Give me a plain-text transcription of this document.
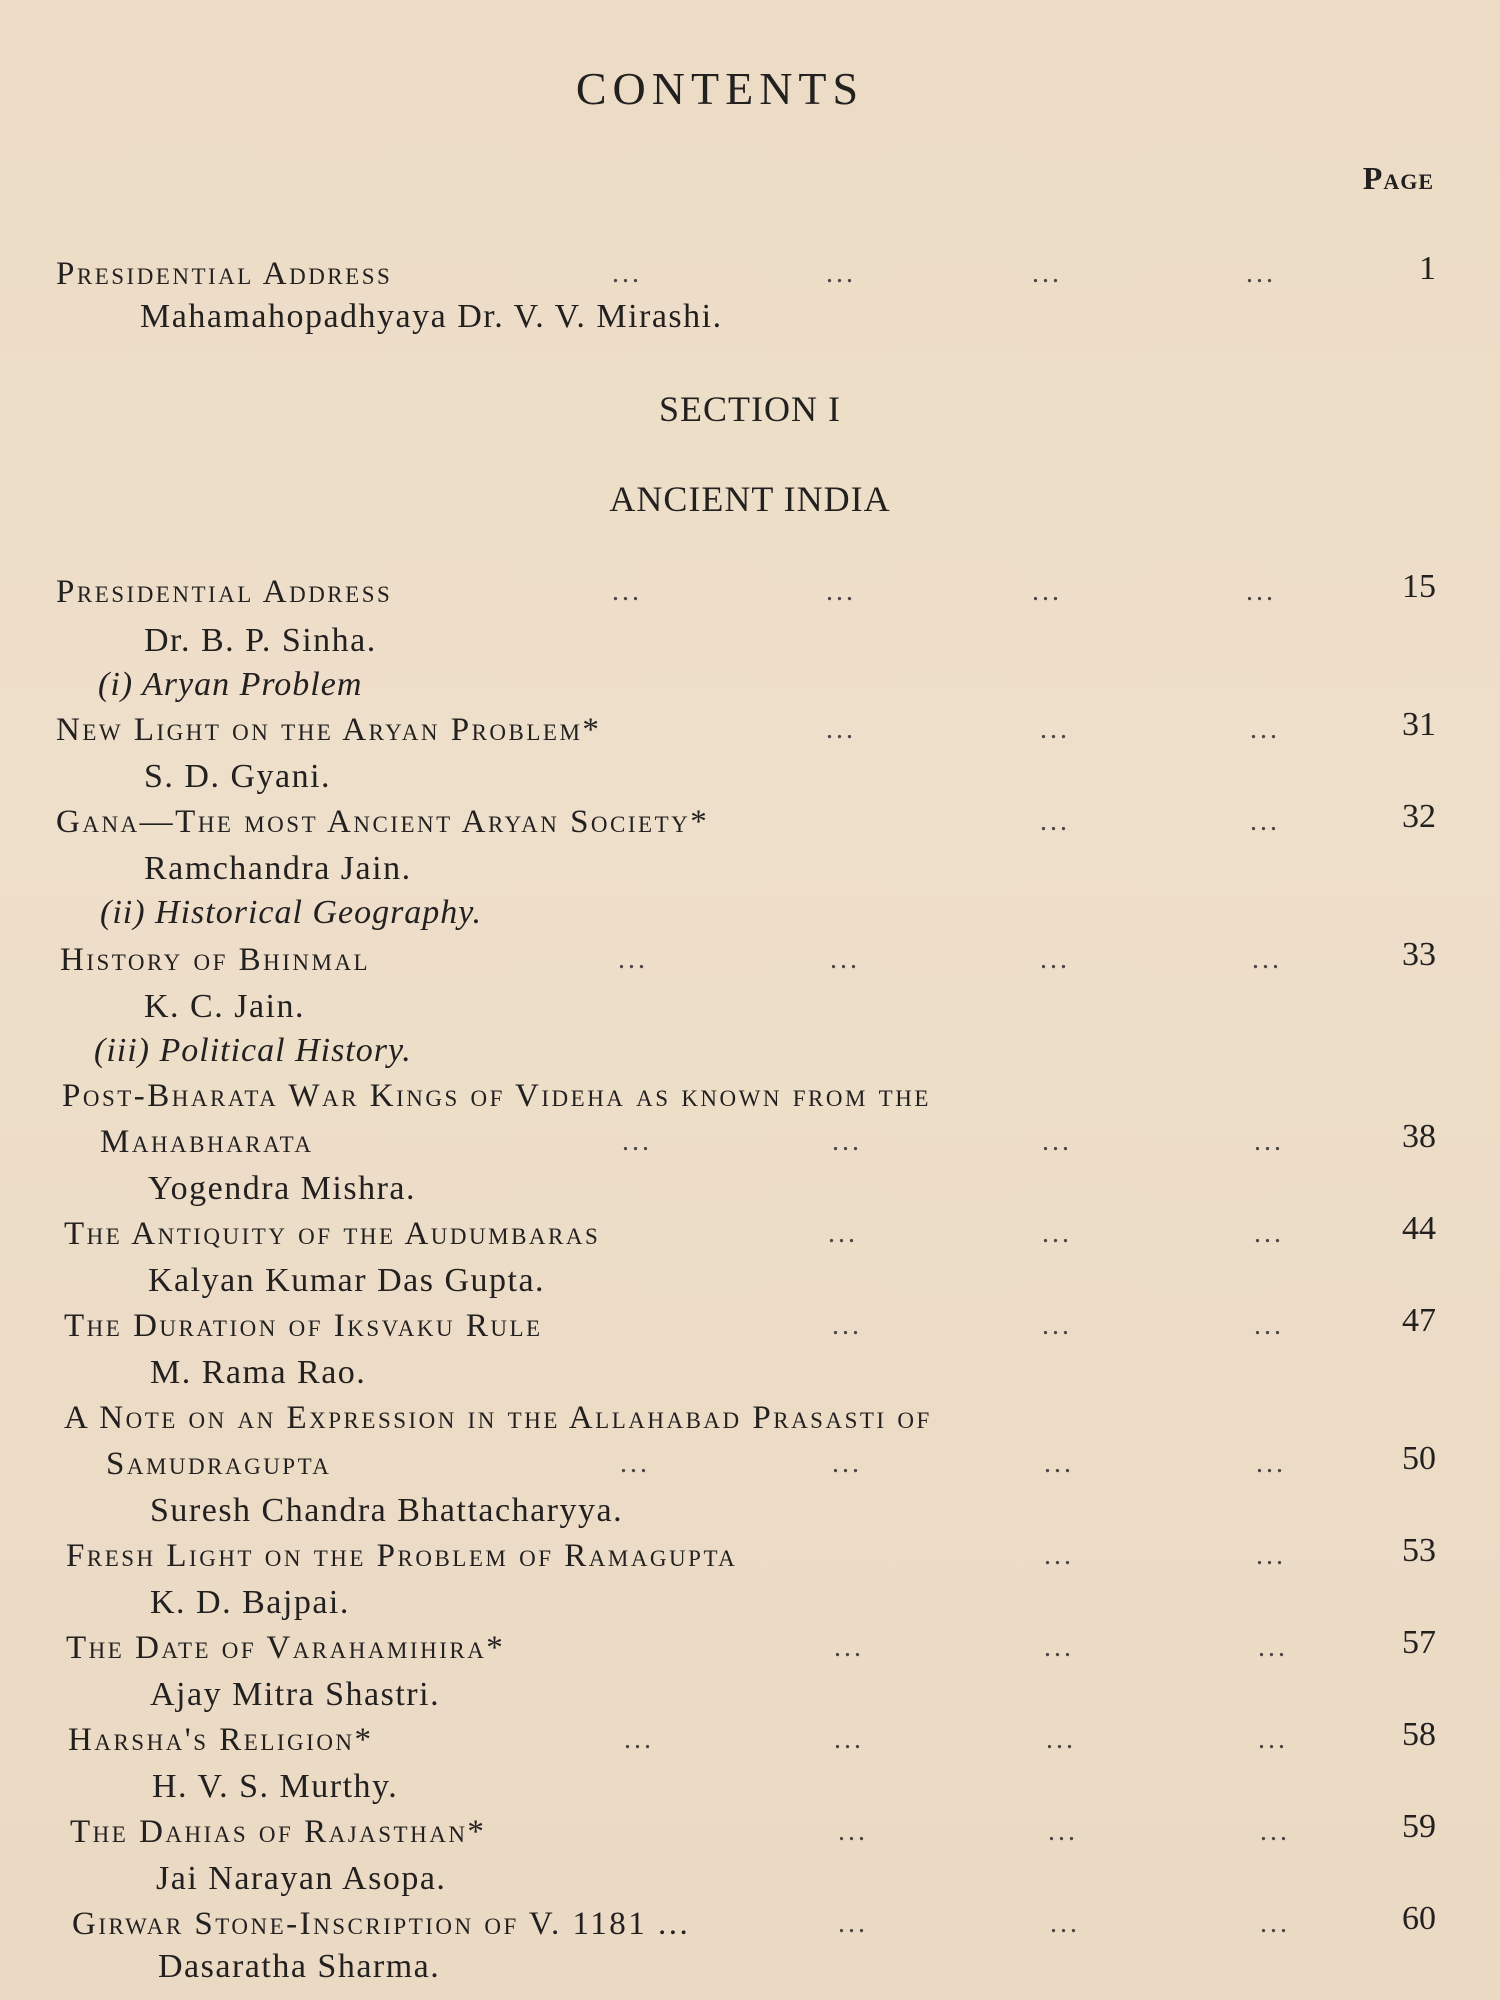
CONTENTS
Page
Presidential Address	...	...	...	...	1
Mahamahopadhyaya Dr. V. V. Mirashi.
SECTION I
ANCIENT INDIA
Presidential Address	...	...	...	...	15
Dr. B. P. Sinha.
(i) Aryan Problem
New Light on the Aryan Problem*	...	...	...	31
S. D. Gyani.
Gana—The most Ancient Aryan Society*	...	...	32
Ramchandra Jain.
(ii) Historical Geography.
History of Bhinmal	...	...	...	...	33
K. C. Jain.
(iii) Political History.
Post-Bharata War Kings of Videha as known from the
Mahabharata	...	...	...	...	38
Yogendra Mishra.
The Antiquity of the Audumbaras	...	...	...	44
Kalyan Kumar Das Gupta.
The Duration of Iksvaku Rule	...	...	...	47
M. Rama Rao.
A Note on an Expression in the Allahabad Prasasti of
Samudragupta	...	...	...	...	50
Suresh Chandra Bhattacharyya.
Fresh Light on the Problem of Ramagupta	...	...	53
K. D. Bajpai.
The Date of Varahamihira*	...	...	...	57
Ajay Mitra Shastri.
Harsha's Religion*	...	...	...	...	58
H. V. S. Murthy.
The Dahias of Rajasthan*	...	...	...	59
Jai Narayan Asopa.
Girwar Stone-Inscription of V. 1181 ...	...	...	...	60
Dasaratha Sharma.
